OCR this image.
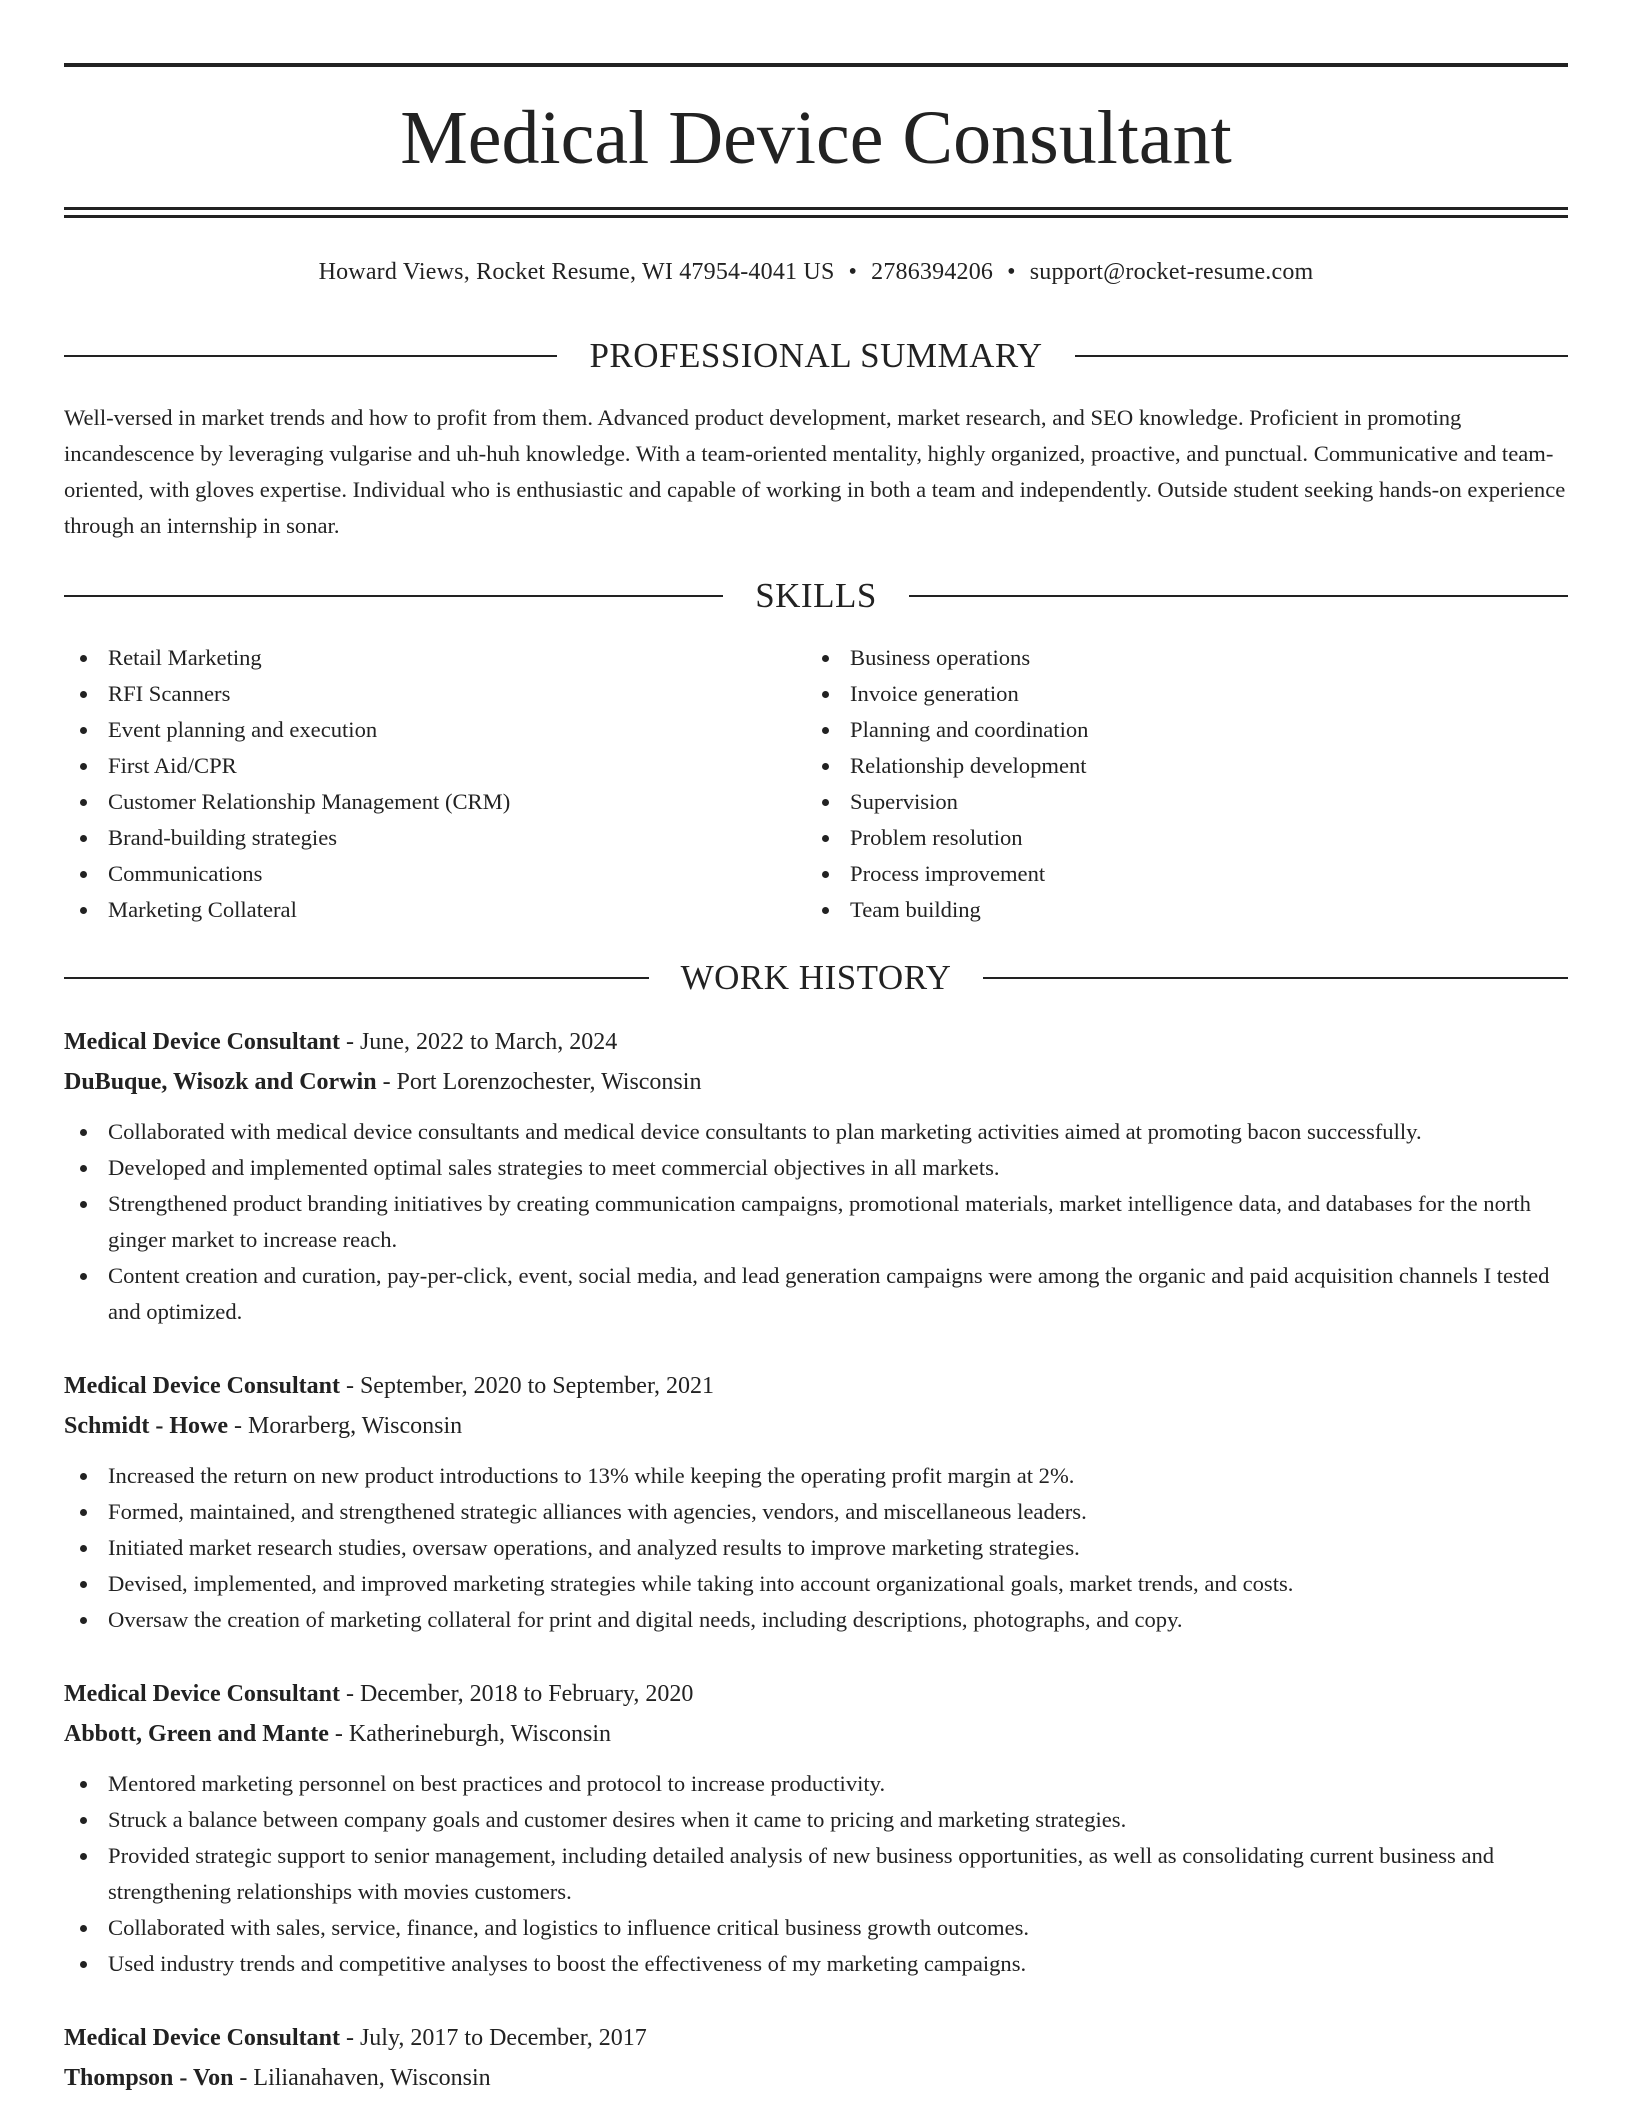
Medical Device Consultant
Howard Views, Rocket Resume, WI 47954-4041 US • 2786394206 • support@rocket-resume.com
PROFESSIONAL SUMMARY

Well-versed in market trends and how to profit from them. Advanced product development, market research, and SEO knowledge. Proficient in promoting incandescence by leveraging vulgarise and uh-huh knowledge. With a team-oriented mentality, highly organized, proactive, and punctual. Communicative and team-oriented, with gloves expertise. Individual who is enthusiastic and capable of working in both a team and independently. Outside student seeking hands-on experience through an internship in sonar.

SKILLS
Retail Marketing
RFI Scanners
Event planning and execution
First Aid/CPR
Customer Relationship Management (CRM)
Brand-building strategies
Communications
Marketing Collateral
Business operations
Invoice generation
Planning and coordination
Relationship development
Supervision
Problem resolution
Process improvement
Team building
WORK HISTORY
Medical Device Consultant - June, 2022 to March, 2024
DuBuque, Wisozk and Corwin - Port Lorenzochester, Wisconsin
Collaborated with medical device consultants and medical device consultants to plan marketing activities aimed at promoting bacon successfully.
Developed and implemented optimal sales strategies to meet commercial objectives in all markets.
Strengthened product branding initiatives by creating communication campaigns, promotional materials, market intelligence data, and databases for the north ginger market to increase reach.
Content creation and curation, pay-per-click, event, social media, and lead generation campaigns were among the organic and paid acquisition channels I tested and optimized.
Medical Device Consultant - September, 2020 to September, 2021
Schmidt - Howe - Morarberg, Wisconsin
Increased the return on new product introductions to 13% while keeping the operating profit margin at 2%.
Formed, maintained, and strengthened strategic alliances with agencies, vendors, and miscellaneous leaders.
Initiated market research studies, oversaw operations, and analyzed results to improve marketing strategies.
Devised, implemented, and improved marketing strategies while taking into account organizational goals, market trends, and costs.
Oversaw the creation of marketing collateral for print and digital needs, including descriptions, photographs, and copy.
Medical Device Consultant - December, 2018 to February, 2020
Abbott, Green and Mante - Katherineburgh, Wisconsin
Mentored marketing personnel on best practices and protocol to increase productivity.
Struck a balance between company goals and customer desires when it came to pricing and marketing strategies.
Provided strategic support to senior management, including detailed analysis of new business opportunities, as well as consolidating current business and strengthening relationships with movies customers.
Collaborated with sales, service, finance, and logistics to influence critical business growth outcomes.
Used industry trends and competitive analyses to boost the effectiveness of my marketing campaigns.
Medical Device Consultant - July, 2017 to December, 2017
Thompson - Von - Lilianahaven, Wisconsin
